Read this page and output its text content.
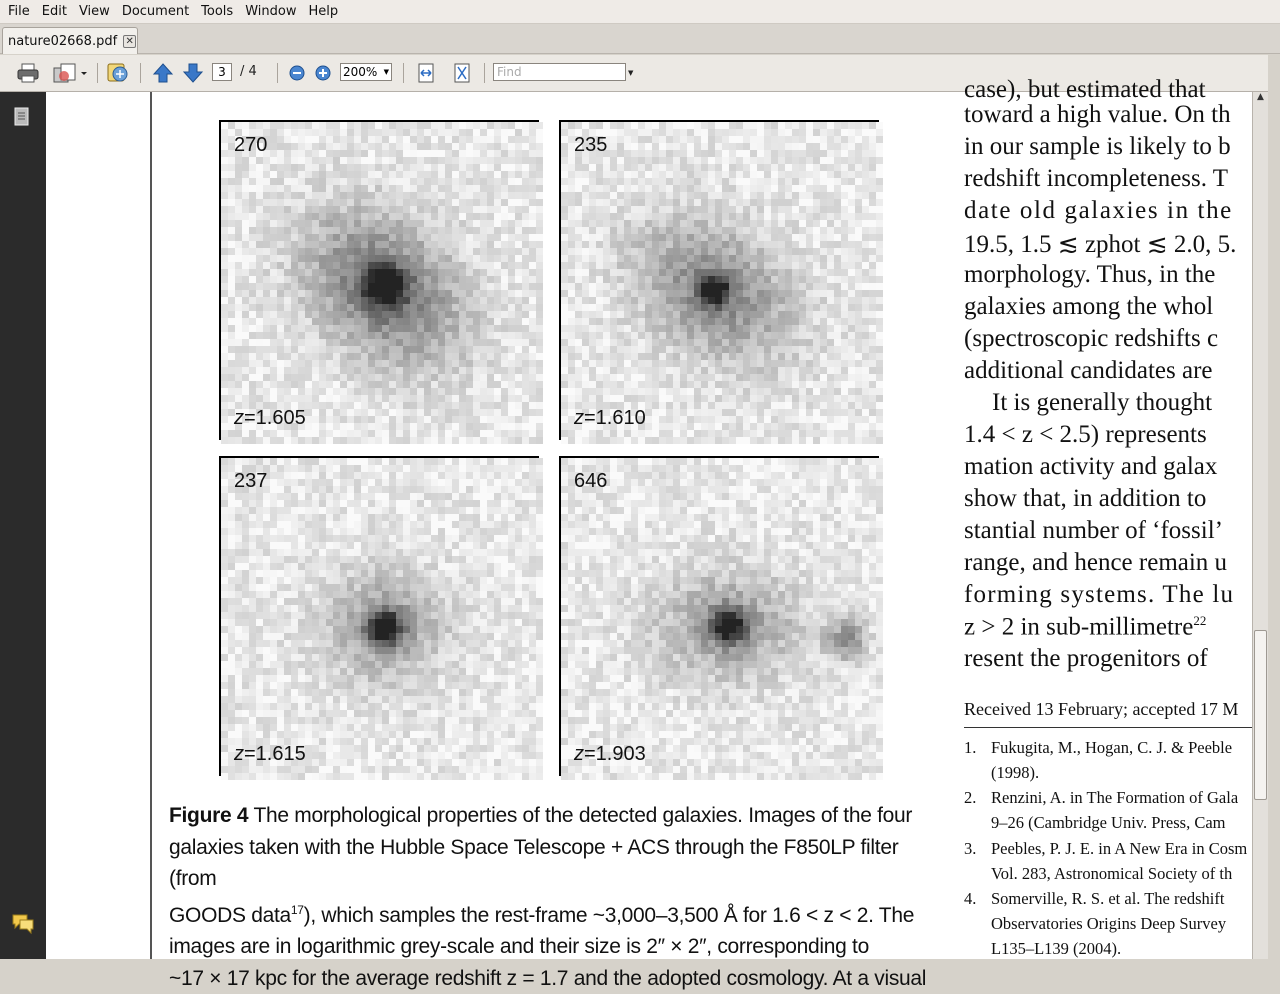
File Edit View Document Tools Window Help
nature02668.pdf ✕
3	/ 4	200% ▼	Find	▼
270
z=1.605
235
z=1.610
237
z=1.615
646
z=1.903
Figure 4 The morphological properties of the detected galaxies. Images of the four
galaxies taken with the Hubble Space Telescope + ACS through the F850LP filter (from
GOODS data$^{17}$), which samples the rest-frame ~3,000–3,500 Å for 1.6 < z < 2. The
images are in logarithmic grey-scale and their size is 2″ × 2″, corresponding to
~17 × 17 kpc for the average redshift z = 1.7 and the adopted cosmology. At a visual
case), but estimated that
toward a high value. On th
in our sample is likely to b
redshift incompleteness. T
date old galaxies in the
19.5, 1.5 ≲ zphot ≲ 2.0, 5.
morphology. Thus, in the
galaxies among the whol
(spectroscopic redshifts c
additional candidates are
It is generally thought
1.4 < z < 2.5) represents
mation activity and galax
show that, in addition to
stantial number of ‘fossil’
range, and hence remain u
forming systems. The lu
z > 2 in sub-millimetre$^{22}$
resent the progenitors of
Received 13 February; accepted 17 M
1. Fukugita, M., Hogan, C. J. & Peeble
(1998).
2. Renzini, A. in The Formation of Gala
9–26 (Cambridge Univ. Press, Cam
3. Peebles, P. J. E. in A New Era in Cosm
Vol. 283, Astronomical Society of th
4. Somerville, R. S. et al. The redshift
Observatories Origins Deep Survey
L135–L139 (2004).
▲
